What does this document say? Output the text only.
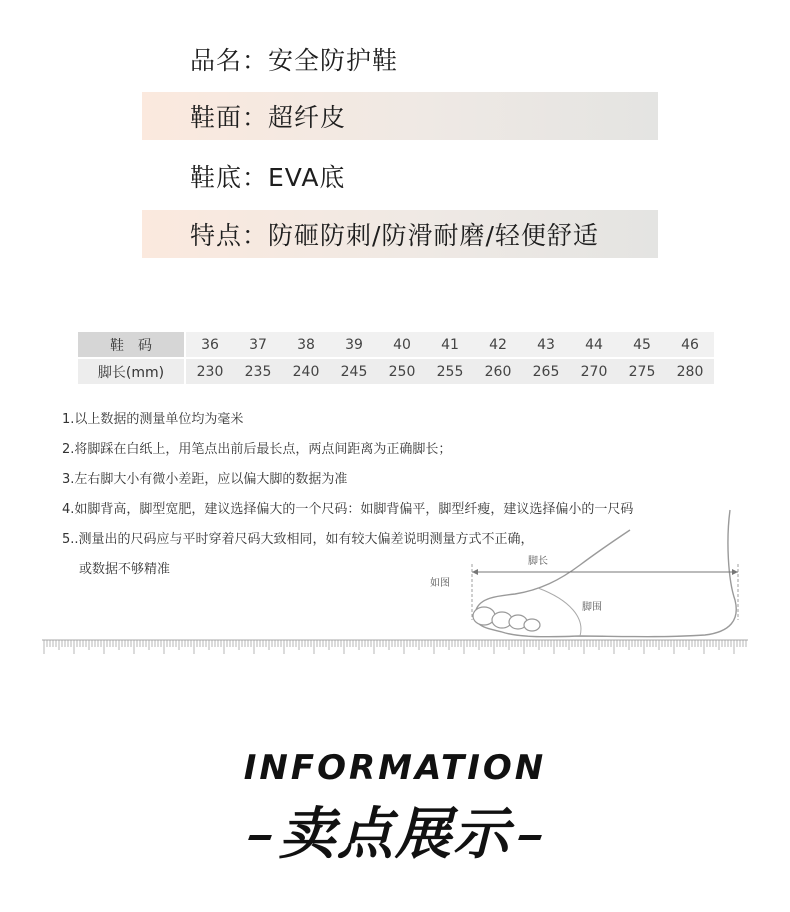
品名：安全防护鞋
鞋面：超纤皮
鞋底：EVA底
特点：防砸防刺/防滑耐磨/轻便舒适
鞋　码	36	37	38	39	40	41	42	43	44	45	46
脚长(mm)	230	235	240	245	250	255	260	265	270	275	280
脚长
如图
脚围
1.以上数据的测量单位均为毫米
2.将脚踩在白纸上，用笔点出前后最长点，两点间距离为正确脚长；
3.左右脚大小有微小差距，应以偏大脚的数据为准
4.如脚背高，脚型宽肥，建议选择偏大的一个尺码：如脚背偏平，脚型纤瘦，建议选择偏小的一尺码
5..测量出的尺码应与平时穿着尺码大致相同，如有较大偏差说明测量方式不正确，
或数据不够精准
INFORMATION
卖点展示
